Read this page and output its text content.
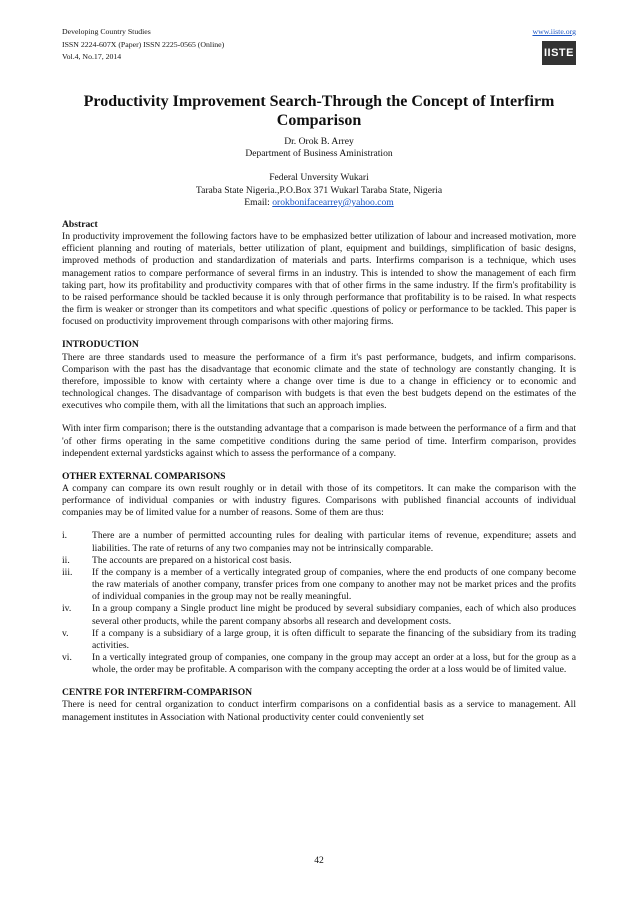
Developing Country Studies
ISSN 2224-607X (Paper) ISSN 2225-0565 (Online)
Vol.4, No.17, 2014
www.iiste.org
IISTE
Productivity Improvement Search-Through the Concept of Interfirm Comparison
Dr. Orok B. Arrey
Department of Business Aministration
Federal Unversity Wukari
Taraba State Nigeria.,P.O.Box 371 Wukarl Taraba State, Nigeria
Email: orokbonifacearrey@yahoo.com
Abstract

In productivity improvement the following factors have to be emphasized better utilization of labour and increased motivation, more efficient planning and routing of materials, better utilization of plant, equipment and buildings, simplification of basic designs, improved methods of production and standardization of materials and parts. Interfirms comparison is a technique, which uses management ratios to compare performance of several firms in an industry. This is intended to show the management of each firm taking part, how its profitability and productivity compares with that of other firms in the same industry. If the firm's profitability is to be raised performance should be tackled because it is only through performance that profitability is to be raised. In what respects the firm is weaker or stronger than its competitors and what specific .questions of policy or performance to be tackled. This paper is focused on productivity improvement through comparisons with other majoring firms.

INTRODUCTION

There are three standards used to measure the performance of a firm it's past performance, budgets, and infirm comparisons. Comparison with the past has the disadvantage that economic climate and the state of technology are constantly changing. It is therefore, impossible to know with certainty where a change over time is due to a change in efficiency or to economic and technological changes. The disadvantage of comparison with budgets is that even the best budgets depend on the estimates of the executives who compile them, with all the limitations that such an approach implies.

With inter firm comparison; there is the outstanding advantage that a comparison is made between the performance of a firm and that 'of other firms operating in the same competitive conditions during the same period of time. Interfirm comparison, provides independent external yardsticks against which to assess the performance of a company.

OTHER EXTERNAL COMPARISONS

A company can compare its own result roughly or in detail with those of its competitors. It can make the comparison with the performance of individual companies or with industry figures. Comparisons with published financial accounts of individual companies may be of limited value for a number of reasons. Some of them are thus:

i.	There are a number of permitted accounting rules for dealing with particular items of revenue, expenditure; assets and liabilities. The rate of returns of any two companies may not be intrinsically comparable.
ii. The accounts are prepared on a historical cost basis.
iii. If the company is a member of a vertically integrated group of companies, where the end products of one company become the raw materials of another company, transfer prices from one company to another may not be market prices and the profits of individual companies in the group may not be really meaningful.
iv. In a group company a Single product line might be produced by several subsidiary companies, each of which also produces several other products, while the parent company absorbs all research and development costs.
v. If a company is a subsidiary of a large group, it is often difficult to separate the financing of the subsidiary from its trading activities.
vi. In a vertically integrated group of companies, one company in the group may accept an order at a loss, but for the group as a whole, the order may be profitable. A comparison with the company accepting the order at a loss would be of limited value.
CENTRE FOR INTERFIRM-COMPARISON

There is need for central organization to conduct interfirm comparisons on a confidential basis as a service to management. All management institutes in Association with National productivity center could conveniently set

42
